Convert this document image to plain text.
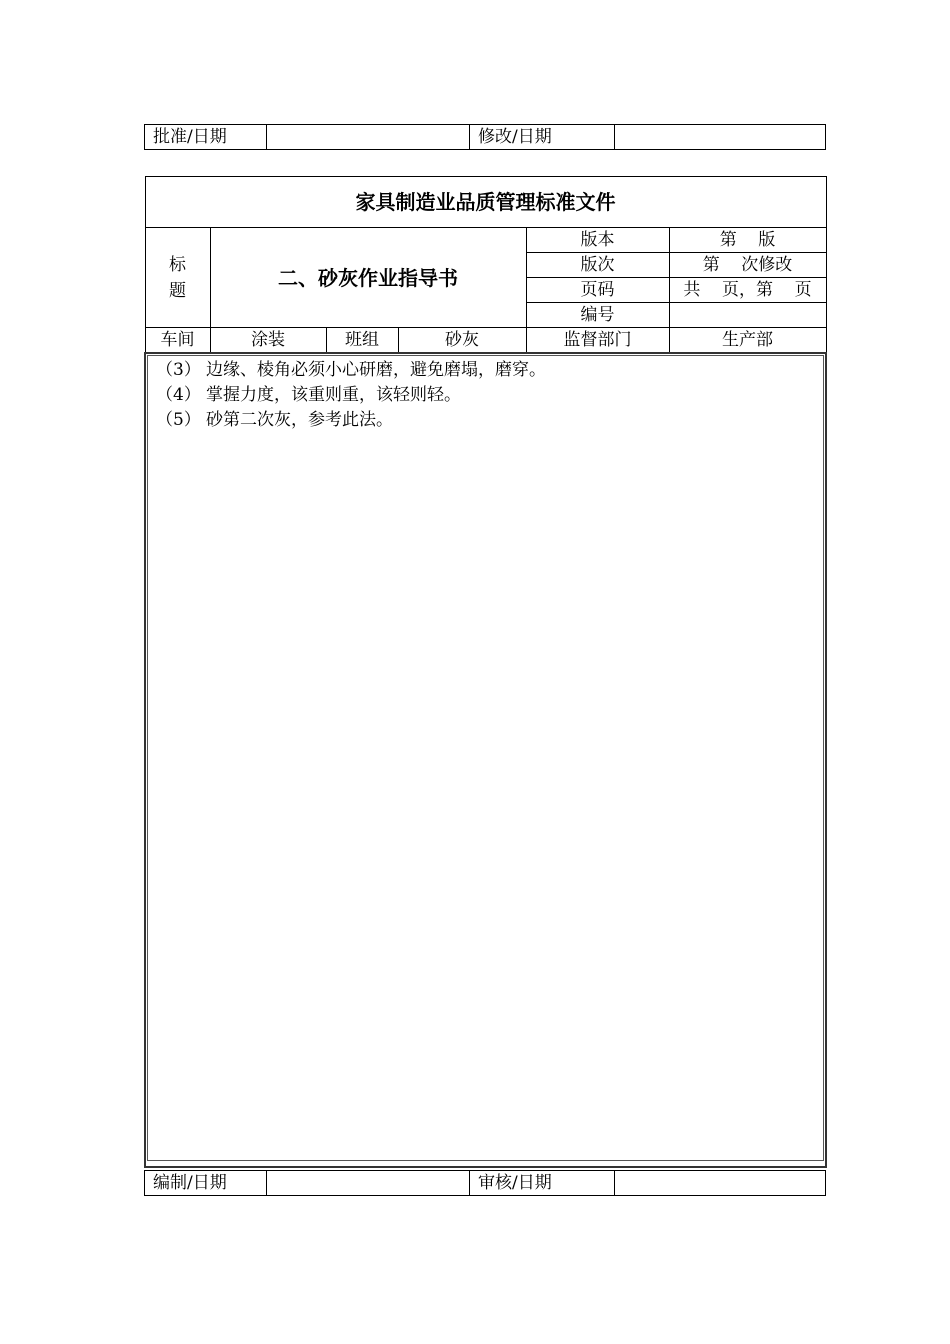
批准/日期		修改/日期	
家具制造业品质管理标准文件					
标
题	二、砂灰作业指导书			版本	第    版
				版次	第    次修改
				页码	共    页，第    页
				编号	
车间	涂装	班组	砂灰	监督部门	生产部

（3） 边缘、棱角必须小心研磨，避免磨塌，磨穿。
（4） 掌握力度，该重则重，该轻则轻。
（5） 砂第二次灰，参考此法。					
编制/日期		审核/日期	
